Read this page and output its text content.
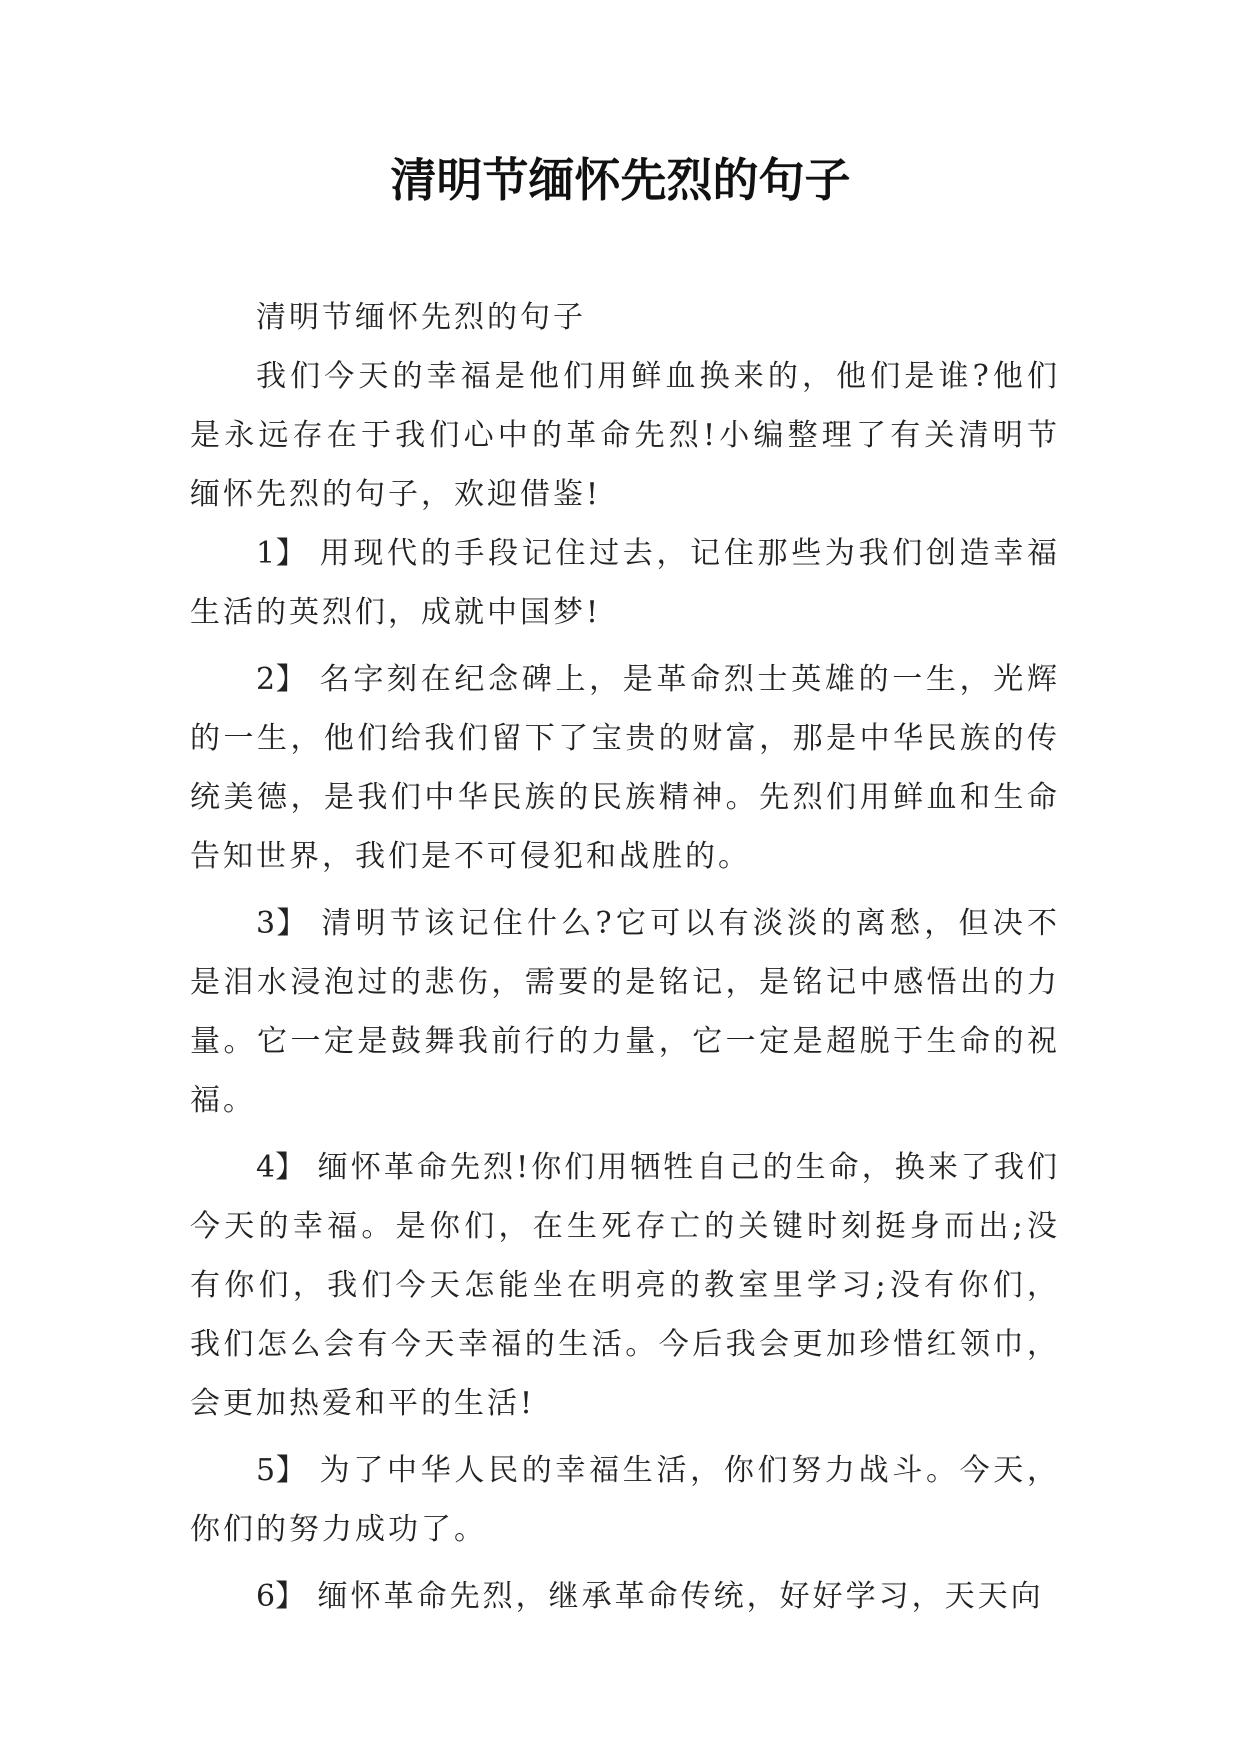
清明节缅怀先烈的句子

清明节缅怀先烈的句子

我们今天的幸福是他们用鲜血换来的，他们是谁?他们是永远存在于我们心中的革命先烈!小编整理了有关清明节缅怀先烈的句子，欢迎借鉴!

1】 用现代的手段记住过去，记住那些为我们创造幸福生活的英烈们，成就中国梦!

2】 名字刻在纪念碑上，是革命烈士英雄的一生，光辉的一生，他们给我们留下了宝贵的财富，那是中华民族的传统美德，是我们中华民族的民族精神。先烈们用鲜血和生命告知世界，我们是不可侵犯和战胜的。

3】 清明节该记住什么?它可以有淡淡的离愁，但决不是泪水浸泡过的悲伤，需要的是铭记，是铭记中感悟出的力量。它一定是鼓舞我前行的力量，它一定是超脱于生命的祝福。

4】 缅怀革命先烈!你们用牺牲自己的生命，换来了我们今天的幸福。是你们，在生死存亡的关键时刻挺身而出;没有你们，我们今天怎能坐在明亮的教室里学习;没有你们，我们怎么会有今天幸福的生活。今后我会更加珍惜红领巾，会更加热爱和平的生活!

5】 为了中华人民的幸福生活，你们努力战斗。今天，你们的努力成功了。

6】 缅怀革命先烈，继承革命传统，好好学习，天天向
